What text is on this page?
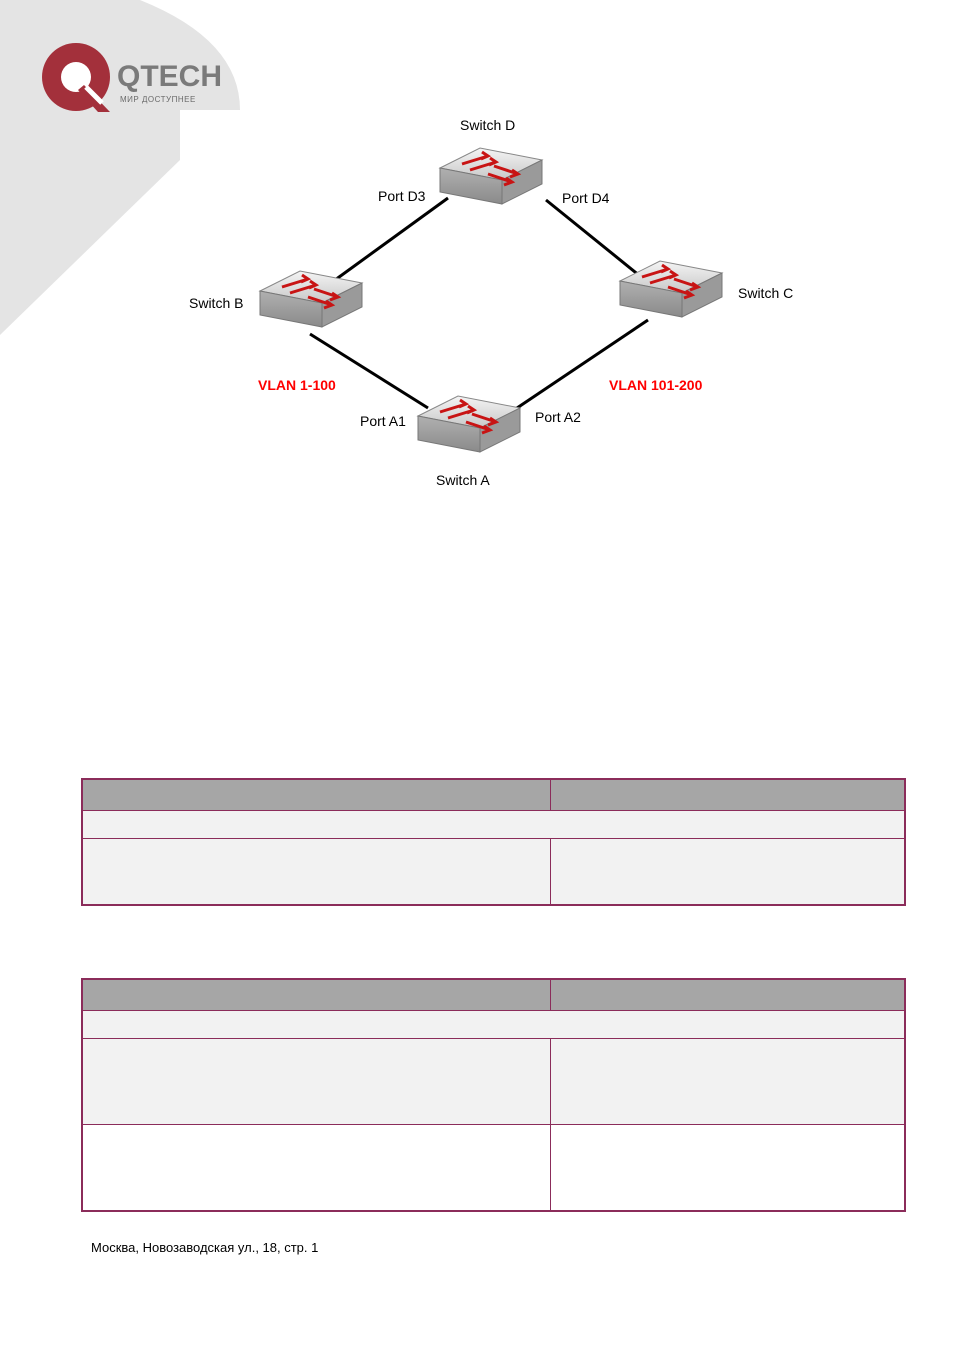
QTECH
МИР ДОСТУПНЕЕ
Switch D
Switch B
Switch C
Switch A
Port D3	Port D4
Port A1	Port A2
VLAN 1-100	VLAN 101-200
Москва, Новозаводская ул., 18, стр. 1
